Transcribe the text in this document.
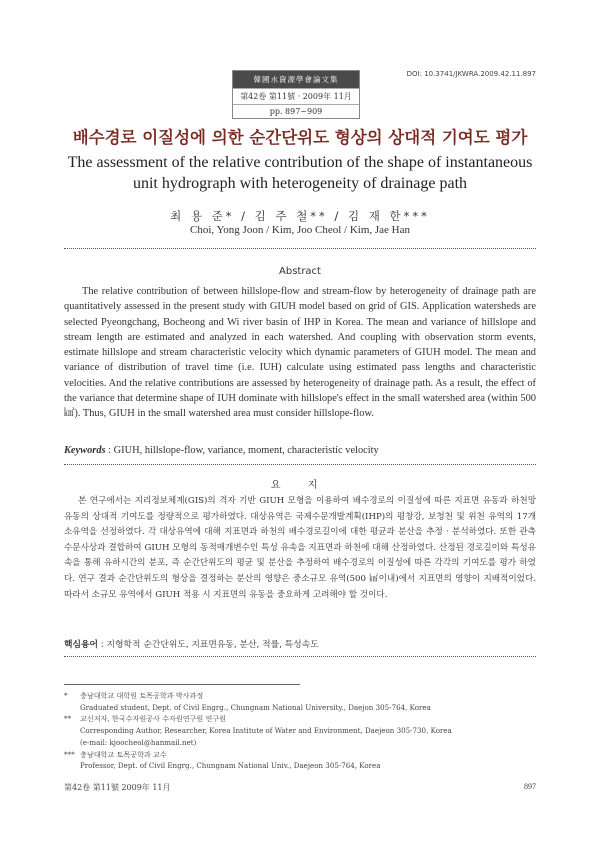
韓國水資源學會論文集
第42卷 第11號 · 2009年 11月
pp. 897~909
DOI: 10.3741/JKWRA.2009.42.11.897
배수경로 이질성에 의한 순간단위도 형상의 상대적 기여도 평가
The assessment of the relative contribution of the shape of instantaneous unit hydrograph with heterogeneity of drainage path
최 용 준* / 김 주 철** / 김 재 한***
Choi, Yong Joon / Kim, Joo Cheol / Kim, Jae Han
Abstract
The relative contribution of between hillslope-flow and stream-flow by heterogeneity of drainage path are quantitatively assessed in the present study with GIUH model based on grid of GIS. Application watersheds are selected Pyeongchang, Bocheong and Wi river basin of IHP in Korea. The mean and variance of hillslope and stream length are estimated and analyzed in each watershed. And coupling with observation storm events, estimate hillslope and stream characteristic velocity which dynamic parameters of GIUH model. The mean and variance of distribution of travel time (i.e. IUH) calculate using estimated pass lengths and characteristic velocities. And the relative contributions are assessed by heterogeneity of drainage path. As a result, the effect of the variance that determine shape of IUH dominate with hillslope's effect in the small watershed area (within 500 ㎢). Thus, GIUH in the small watershed area must consider hillslope-flow.
Keywords : GIUH, hillslope-flow, variance, moment, characteristic velocity
요 지
본 연구에서는 지리정보체계(GIS)의 격자 기반 GIUH 모형을 이용하여 배수경로의 이질성에 따른 지표면 유동과 하천망 유동의 상대적 기여도를 정량적으로 평가하였다. 대상유역은 국제수문개발계획(IHP)의 평창강, 보청천 및 위천 유역의 17개 소유역을 선정하였다. 각 대상유역에 대해 지표면과 하천의 배수경로길이에 대한 평균과 분산을 추정 · 분석하였다. 또한 관측 수문사상과 결합하여 GIUH 모형의 동적매개변수인 특성 유속을 지표면과 하천에 대해 산정하였다. 산정된 경로길이와 특성유속을 통해 유하시간의 분포, 즉 순간단위도의 평균 및 분산을 추정하여 배수경로의 이질성에 따른 각각의 기여도를 평가 하였다. 연구 결과 순간단위도의 형상을 결정하는 분산의 영향은 중소규모 유역(500 ㎢이내)에서 지표면의 영향이 지배적이었다. 따라서 소규모 유역에서 GIUH 적용 시 지표면의 유동을 중요하게 고려해야 할 것이다.
핵심용어 : 지형학적 순간단위도, 지표면유동, 분산, 적률, 특성속도
* 충남대학교 대학원 토목공학과 박사과정
Graduated student, Dept. of Civil Engrg., Chungnam National University., Daejon 305-764, Korea
** 교신저자, 한국수자원공사 수자원연구원 연구원
Corresponding Author, Researcher, Korea Institute of Water and Environment, Daejeon 305-730, Korea
(e-mail: kjoocheol@hanmail.net)
*** 충남대학교 토목공학과 교수
Professor, Dept. of Civil Engrg., Chungnam National Univ., Daejeon 305-764, Korea
第42卷 第11號 2009年 11月	897
